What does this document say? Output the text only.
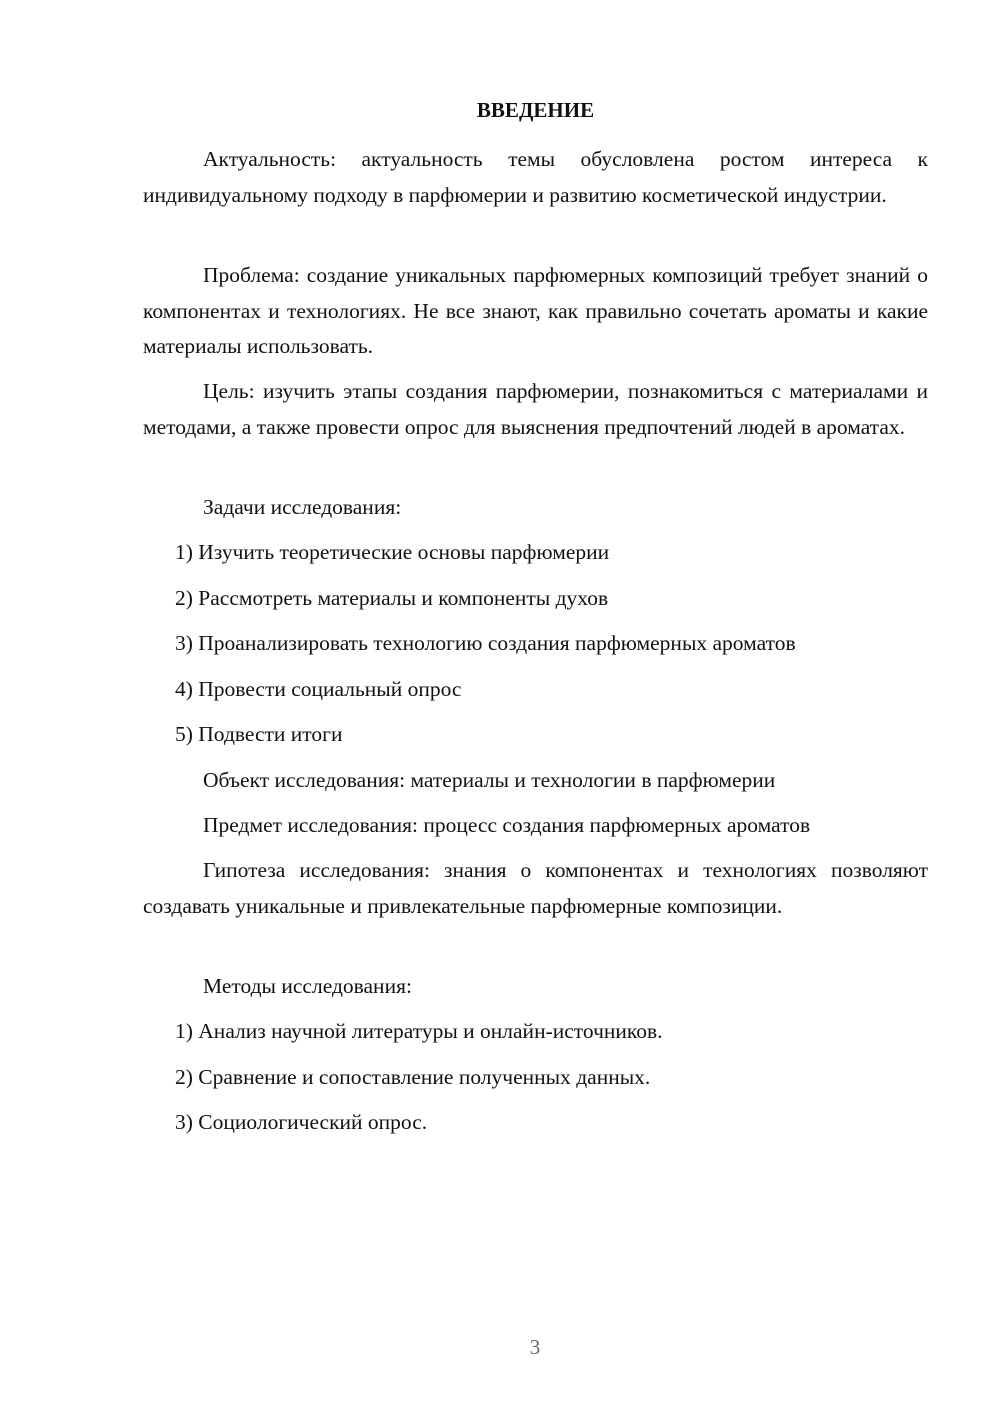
ВВЕДЕНИЕ

Актуальность: актуальность темы обусловлена ростом интереса к индивидуальному подходу в парфюмерии и развитию косметической индустрии.

Проблема: создание уникальных парфюмерных композиций требует знаний о компонентах и технологиях. Не все знают, как правильно сочетать ароматы и какие материалы использовать.

Цель: изучить этапы создания парфюмерии, познакомиться с материалами и методами, а также провести опрос для выяснения предпочтений людей в ароматах.

Задачи исследования:

1) Изучить теоретические основы парфюмерии

2) Рассмотреть материалы и компоненты духов

3) Проанализировать технологию создания парфюмерных ароматов

4) Провести социальный опрос

5) Подвести итоги

Объект исследования: материалы и технологии в парфюмерии

Предмет исследования: процесс создания парфюмерных ароматов

Гипотеза исследования: знания о компонентах и технологиях позволяют создавать уникальные и привлекательные парфюмерные композиции.

Методы исследования:

1) Анализ научной литературы и онлайн-источников.

2) Сравнение и сопоставление полученных данных.

3) Социологический опрос.

3
